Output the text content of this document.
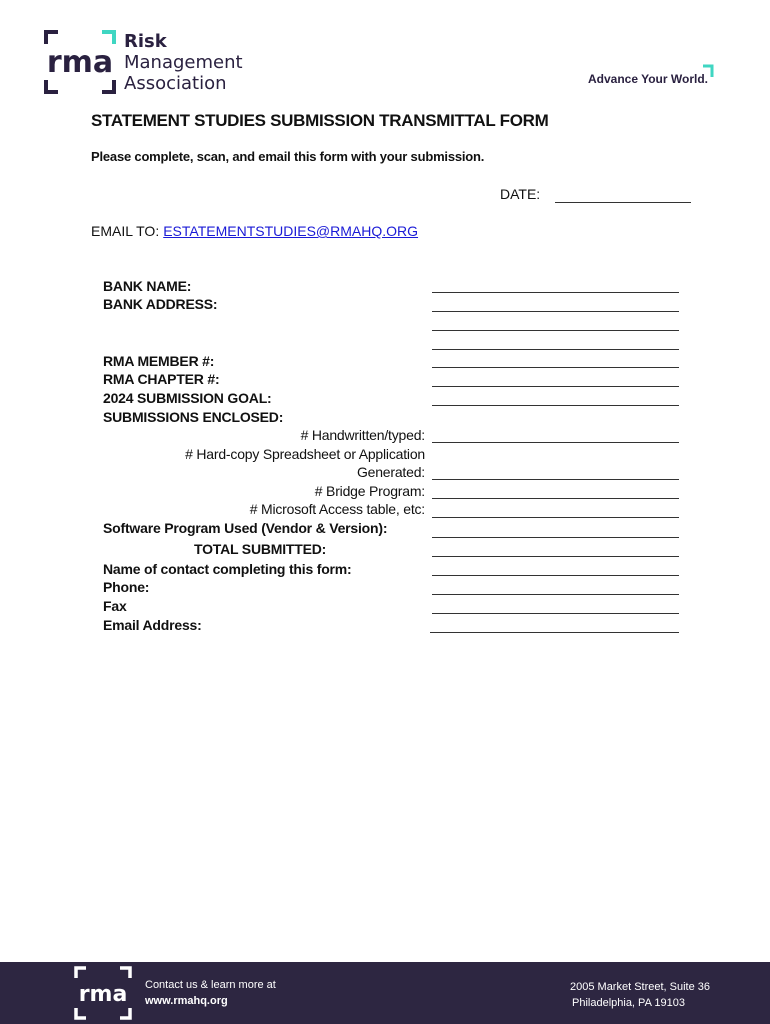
rma
Risk
Management
Association	Advance Your World.
STATEMENT STUDIES SUBMISSION TRANSMITTAL FORM
Please complete, scan, and email this form with your submission.
DATE:
EMAIL TO: ESTATEMENTSTUDIES@RMAHQ.ORG
BANK NAME:
BANK ADDRESS:
RMA MEMBER #:
RMA CHAPTER #:
2024 SUBMISSION GOAL:
SUBMISSIONS ENCLOSED:
# Handwritten/typed:
# Hard-copy Spreadsheet or Application
Generated:
# Bridge Program:
# Microsoft Access table, etc:
Software Program Used (Vendor & Version):
TOTAL SUBMITTED:
Name of contact completing this form:
Phone:
Fax
Email Address:
rma Contact us & learn more at
www.rmahq.org
2005 Market Street, Suite 36
Philadelphia, PA 19103
